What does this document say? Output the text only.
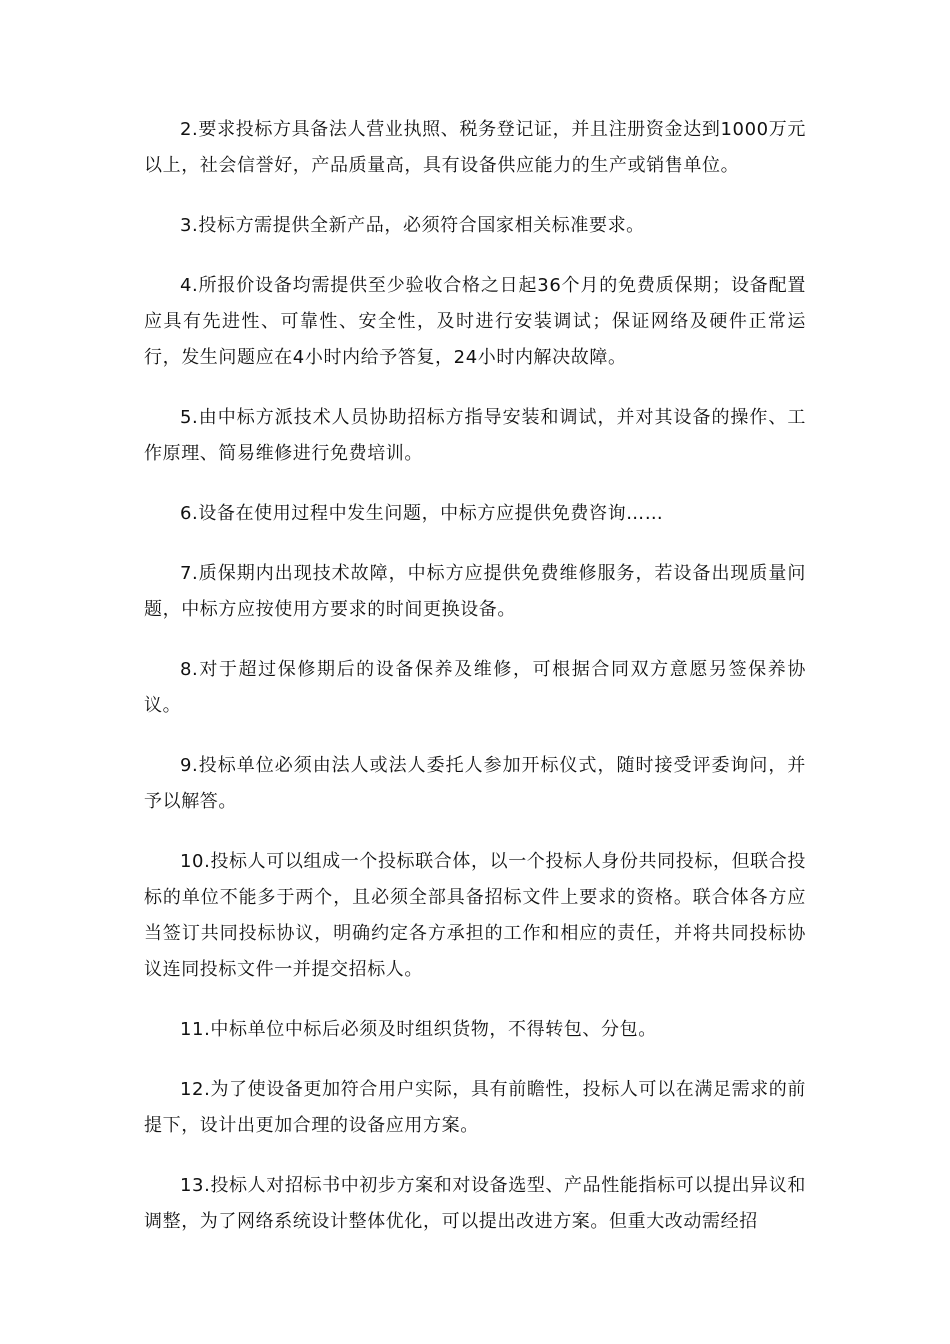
2.要求投标方具备法人营业执照、税务登记证，并且注册资金达到1000万元以上，社会信誉好，产品质量高，具有设备供应能力的生产或销售单位。

3.投标方需提供全新产品，必须符合国家相关标准要求。

4.所报价设备均需提供至少验收合格之日起36个月的免费质保期；设备配置应具有先进性、可靠性、安全性，及时进行安装调试；保证网络及硬件正常运行，发生问题应在4小时内给予答复，24小时内解决故障。

5.由中标方派技术人员协助招标方指导安装和调试，并对其设备的操作、工作原理、简易维修进行免费培训。

6.设备在使用过程中发生问题，中标方应提供免费咨询……

7.质保期内出现技术故障，中标方应提供免费维修服务，若设备出现质量问题，中标方应按使用方要求的时间更换设备。

8.对于超过保修期后的设备保养及维修，可根据合同双方意愿另签保养协议。

9.投标单位必须由法人或法人委托人参加开标仪式，随时接受评委询问，并予以解答。

10.投标人可以组成一个投标联合体，以一个投标人身份共同投标，但联合投标的单位不能多于两个，且必须全部具备招标文件上要求的资格。联合体各方应当签订共同投标协议，明确约定各方承担的工作和相应的责任，并将共同投标协议连同投标文件一并提交招标人。

11.中标单位中标后必须及时组织货物，不得转包、分包。

12.为了使设备更加符合用户实际，具有前瞻性，投标人可以在满足需求的前提下，设计出更加合理的设备应用方案。

13.投标人对招标书中初步方案和对设备选型、产品性能指标可以提出异议和调整，为了网络系统设计整体优化，可以提出改进方案。但重大改动需经招
